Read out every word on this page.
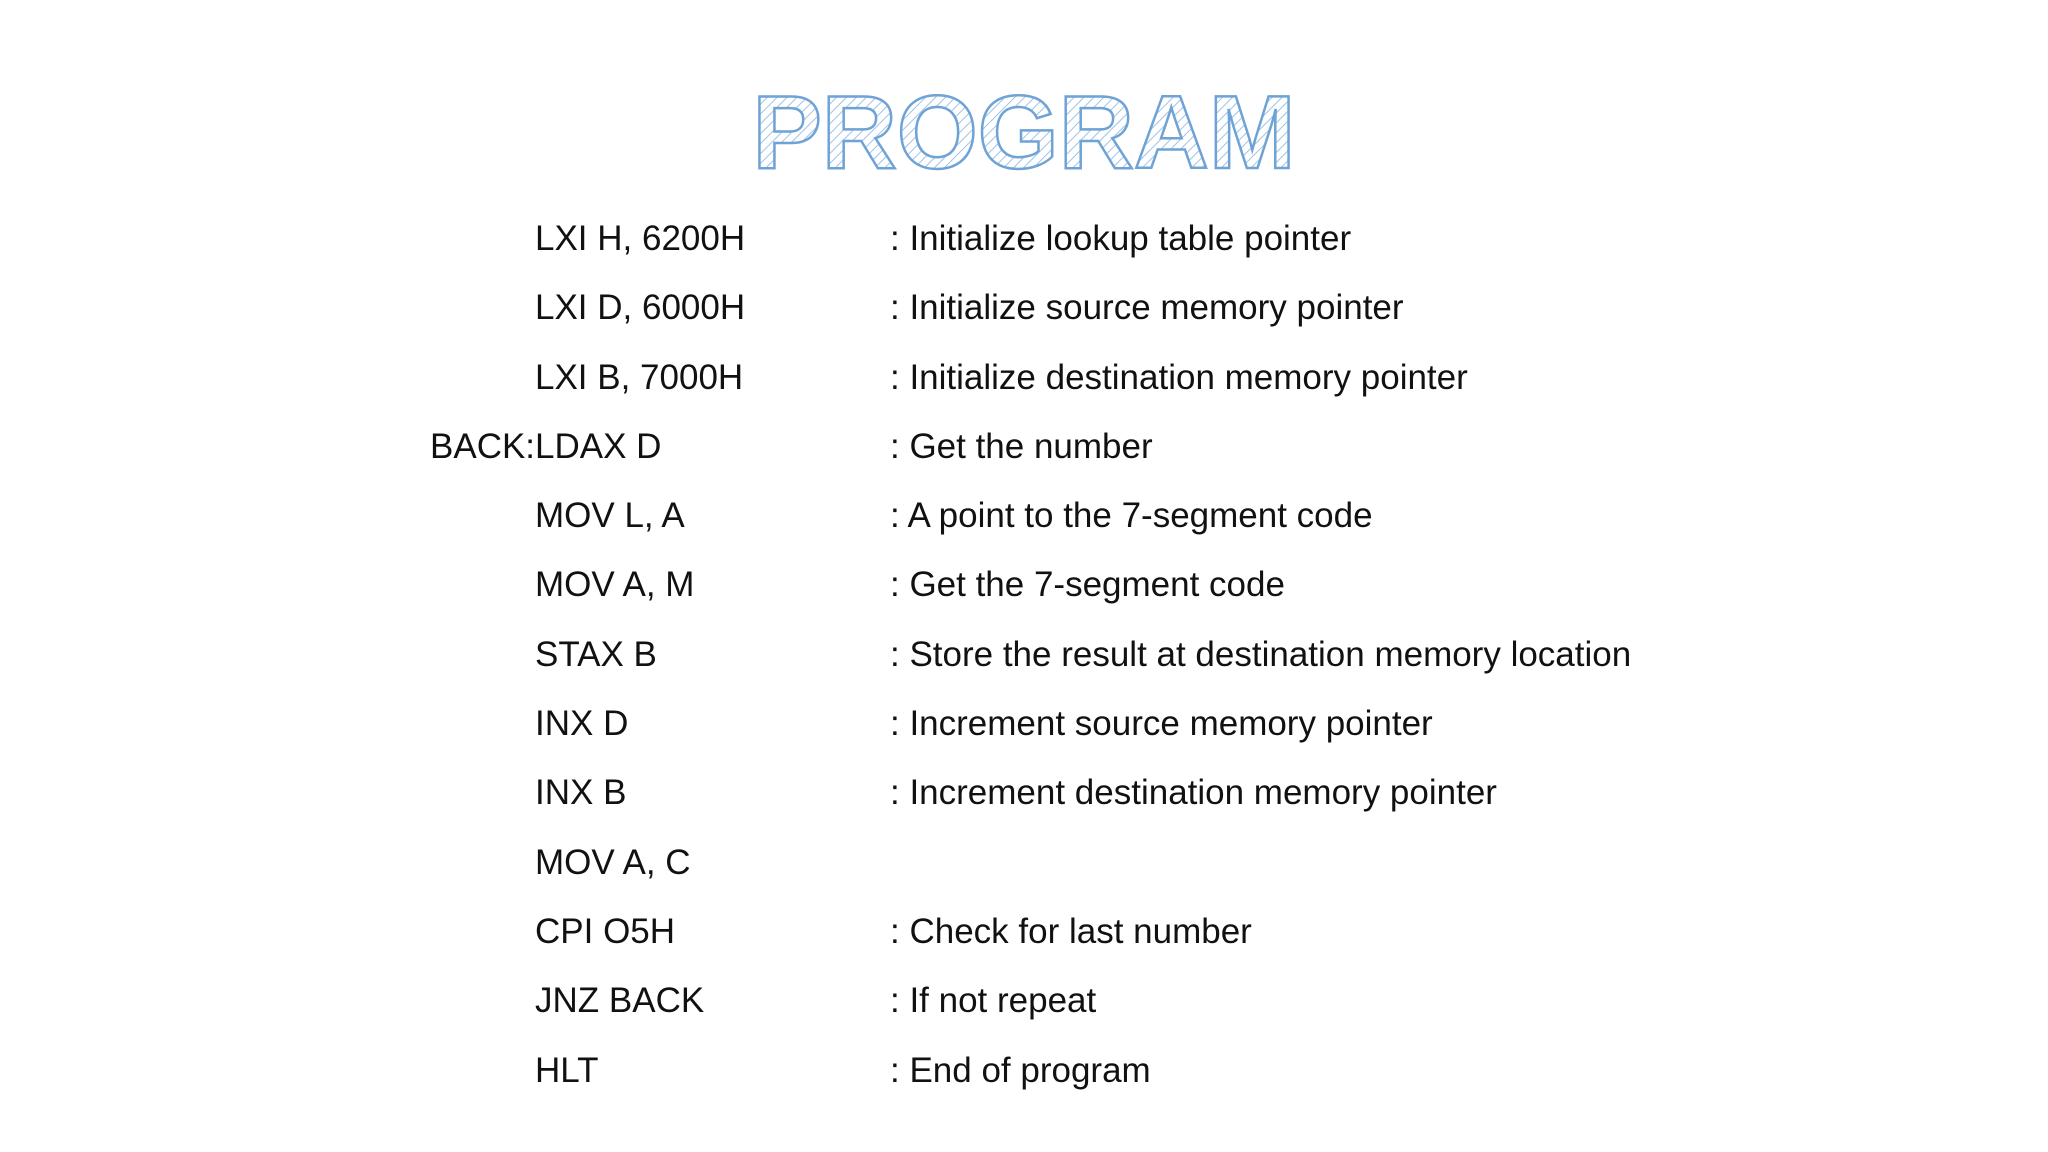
PROGRAM
LXI H, 6200H	: Initialize lookup table pointer
LXI D, 6000H	: Initialize source memory pointer
LXI B, 7000H	: Initialize destination memory pointer
BACK: LDAX D	: Get the number
MOV L, A	: A point to the 7-segment code
MOV A, M	: Get the 7-segment code
STAX B	: Store the result at destination memory location
INX D	: Increment source memory pointer
INX B	: Increment destination memory pointer
MOV A, C
CPI O5H	: Check for last number
JNZ BACK	: If not repeat
HLT	: End of program
